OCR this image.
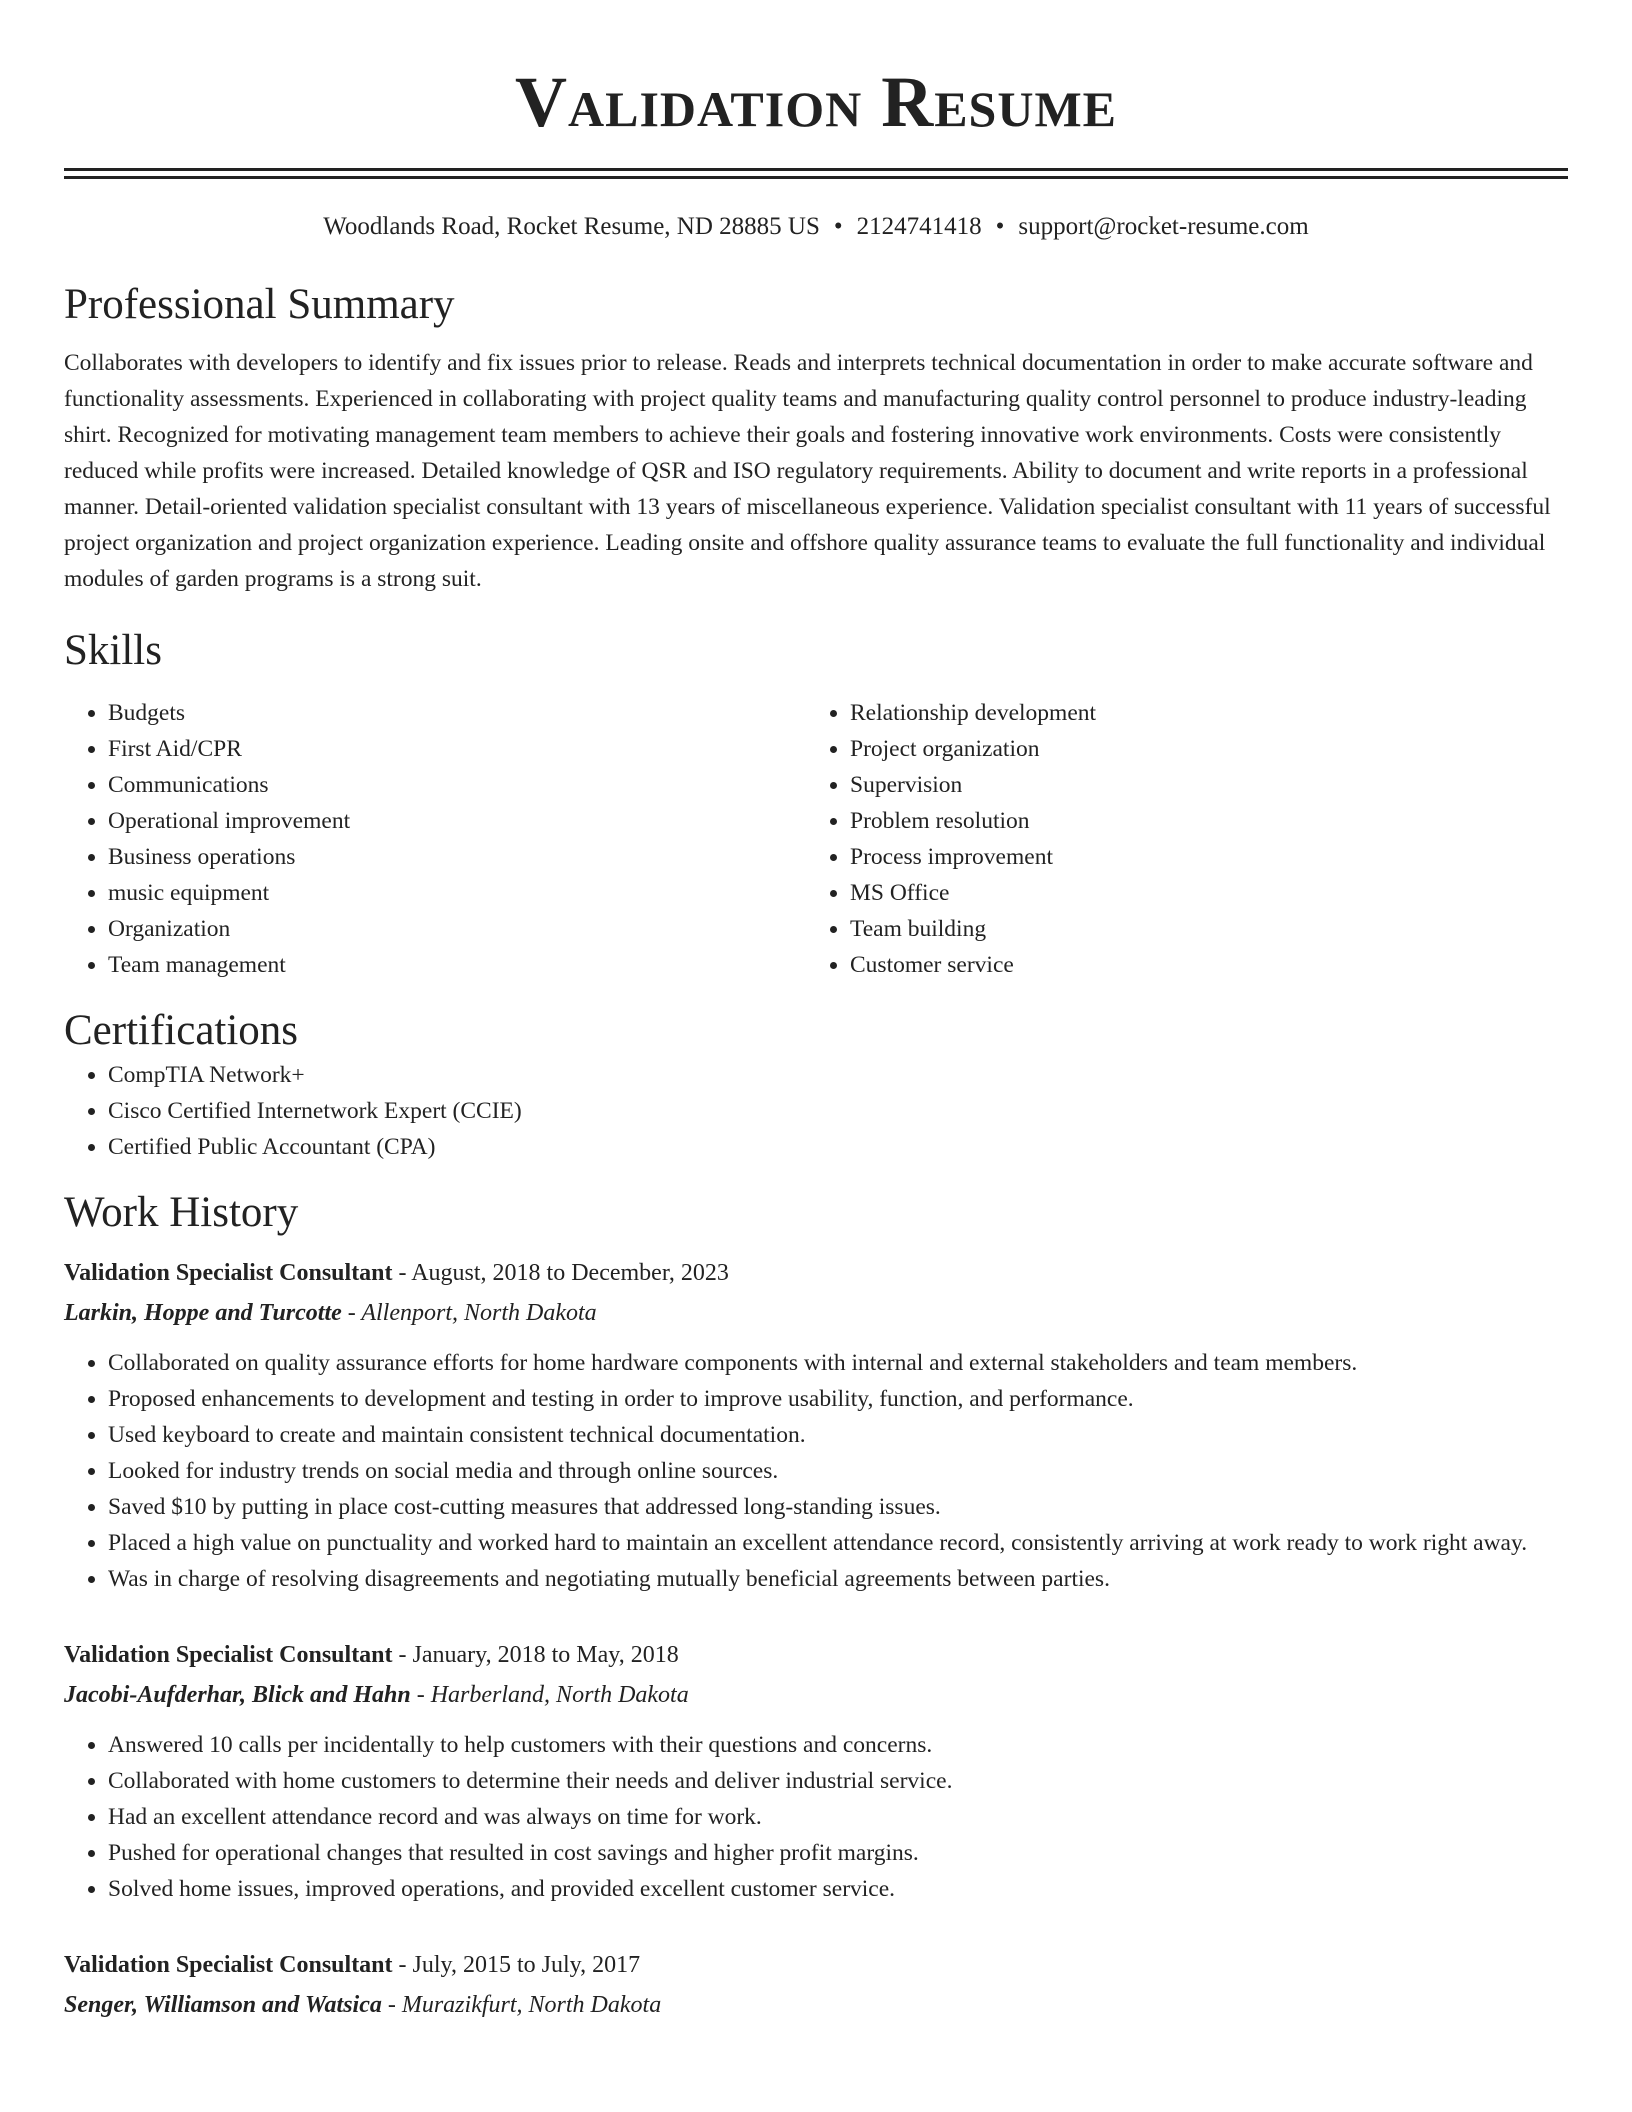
Validation Resume
Woodlands Road, Rocket Resume, ND 28885 US • 2124741418 • support@rocket-resume.com
Professional Summary
Collaborates with developers to identify and fix issues prior to release. Reads and interprets technical documentation in order to make accurate software and functionality assessments. Experienced in collaborating with project quality teams and manufacturing quality control personnel to produce industry-leading shirt. Recognized for motivating management team members to achieve their goals and fostering innovative work environments. Costs were consistently reduced while profits were increased. Detailed knowledge of QSR and ISO regulatory requirements. Ability to document and write reports in a professional manner. Detail-oriented validation specialist consultant with 13 years of miscellaneous experience. Validation specialist consultant with 11 years of successful project organization and project organization experience. Leading onsite and offshore quality assurance teams to evaluate the full functionality and individual modules of garden programs is a strong suit.
Skills
• Budgets
• First Aid/CPR
• Communications
• Operational improvement
• Business operations
• music equipment
• Organization
• Team management
• Relationship development
• Project organization
• Supervision
• Problem resolution
• Process improvement
• MS Office
• Team building
• Customer service
Certifications
• CompTIA Network+
• Cisco Certified Internetwork Expert (CCIE)
• Certified Public Accountant (CPA)
Work History
Validation Specialist Consultant - August, 2018 to December, 2023
Larkin, Hoppe and Turcotte - Allenport, North Dakota
• Collaborated on quality assurance efforts for home hardware components with internal and external stakeholders and team members.
• Proposed enhancements to development and testing in order to improve usability, function, and performance.
• Used keyboard to create and maintain consistent technical documentation.
• Looked for industry trends on social media and through online sources.
• Saved $10 by putting in place cost-cutting measures that addressed long-standing issues.
• Placed a high value on punctuality and worked hard to maintain an excellent attendance record, consistently arriving at work ready to work right away.
• Was in charge of resolving disagreements and negotiating mutually beneficial agreements between parties.
Validation Specialist Consultant - January, 2018 to May, 2018
Jacobi-Aufderhar, Blick and Hahn - Harberland, North Dakota
• Answered 10 calls per incidentally to help customers with their questions and concerns.
• Collaborated with home customers to determine their needs and deliver industrial service.
• Had an excellent attendance record and was always on time for work.
• Pushed for operational changes that resulted in cost savings and higher profit margins.
• Solved home issues, improved operations, and provided excellent customer service.
Validation Specialist Consultant - July, 2015 to July, 2017
Senger, Williamson and Watsica - Murazikfurt, North Dakota
